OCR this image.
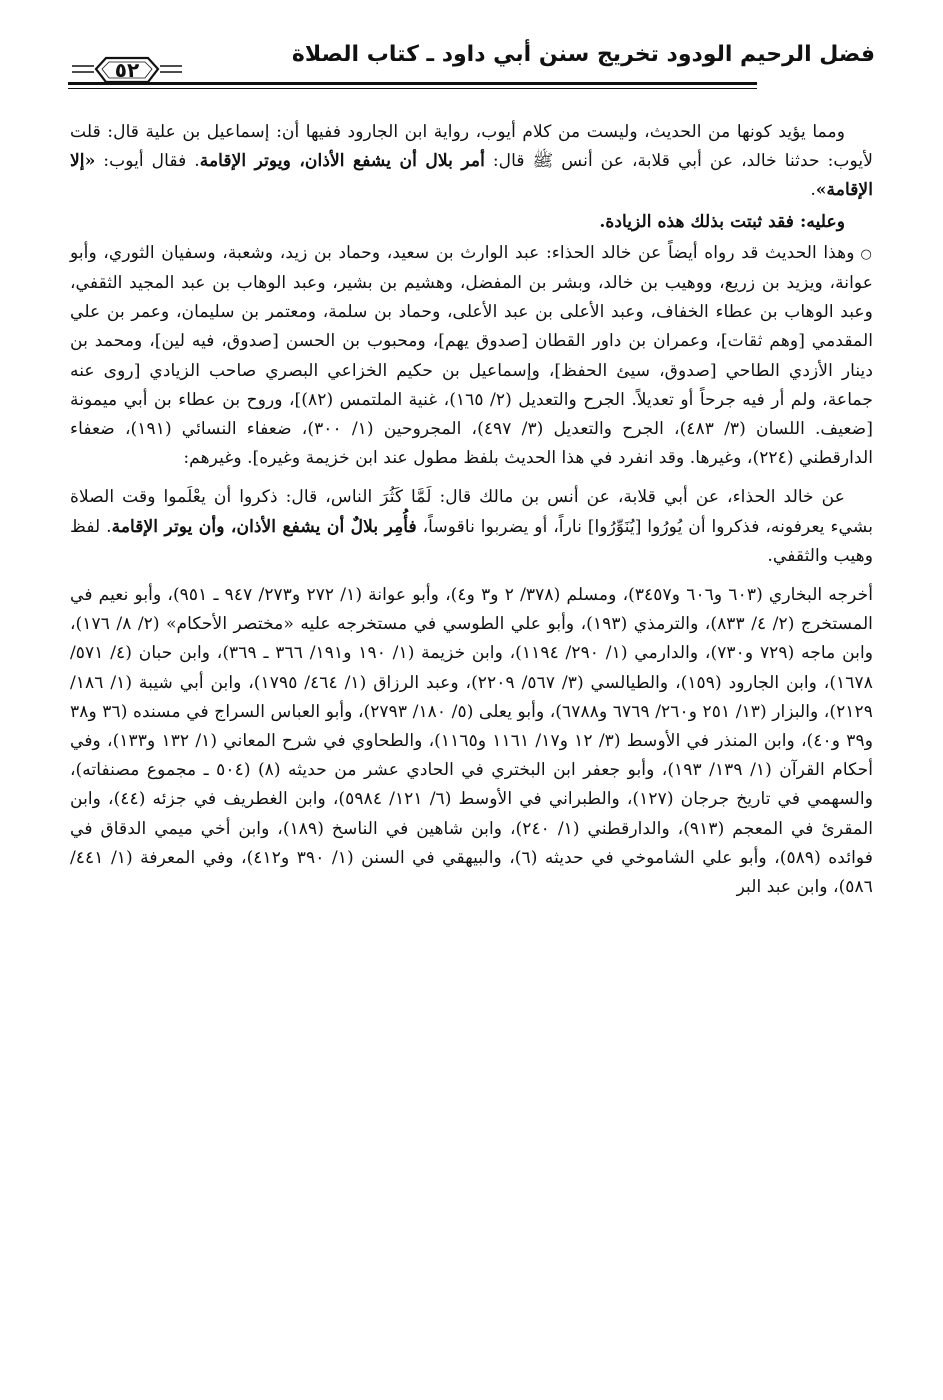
فضل الرحيم الودود تخريج سنن أبي داود ـ كتاب الصلاة
٥٢

ومما يؤيد كونها من الحديث، وليست من كلام أيوب، رواية ابن الجارود ففيها أن: إسماعيل بن علية قال: قلت لأيوب: حدثنا خالد، عن أبي قلابة، عن أنس ﷺ قال: أمر بلال أن يشفع الأذان، ويوتر الإقامة. فقال أيوب: «إلا الإقامة».

وعليه: فقد ثبتت بذلك هذه الزيادة.

○وهذا الحديث قد رواه أيضاً عن خالد الحذاء: عبد الوارث بن سعيد، وحماد بن زيد، وشعبة، وسفيان الثوري، وأبو عوانة، ويزيد بن زريع، ووهيب بن خالد، وبشر بن المفضل، وهشيم بن بشير، وعبد الوهاب بن عبد المجيد الثقفي، وعبد الوهاب بن عطاء الخفاف، وعبد الأعلى بن عبد الأعلى، وحماد بن سلمة، ومعتمر بن سليمان، وعمر بن علي المقدمي [وهم ثقات]، وعمران بن داور القطان [صدوق يهم]، ومحبوب بن الحسن [صدوق، فيه لين]، ومحمد بن دينار الأزدي الطاحي [صدوق، سيئ الحفظ]، وإسماعيل بن حكيم الخزاعي البصري صاحب الزيادي [روى عنه جماعة، ولم أر فيه جرحاً أو تعديلاً. الجرح والتعديل (٢/ ١٦٥)، غنية الملتمس (٨٢)]، وروح بن عطاء بن أبي ميمونة [ضعيف. اللسان (٣/ ٤٨٣)، الجرح والتعديل (٣/ ٤٩٧)، المجروحين (١/ ٣٠٠)، ضعفاء النسائي (١٩١)، ضعفاء الدارقطني (٢٢٤)، وغيرها. وقد انفرد في هذا الحديث بلفظ مطول عند ابن خزيمة وغيره]. وغيرهم:

عن خالد الحذاء، عن أبي قلابة، عن أنس بن مالك قال: لَمَّا كَثُرَ الناس، قال: ذكروا أن يعْلَموا وقت الصلاة بشيء يعرفونه، فذكروا أن يُورُوا [يُنَوِّرُوا] ناراً، أو يضربوا ناقوساً، فأُمِر بلالٌ أن يشفع الأذان، وأن يوتر الإقامة. لفظ وهيب والثقفي.

أخرجه البخاري (٦٠٣ و٦٠٦ و٣٤٥٧)، ومسلم (٣٧٨/ ٢ و٣ و٤)، وأبو عوانة (١/ ٢٧٢ و٢٧٣/ ٩٤٧ ـ ٩٥١)، وأبو نعيم في المستخرج (٢/ ٤/ ٨٣٣)، والترمذي (١٩٣)، وأبو علي الطوسي في مستخرجه عليه «مختصر الأحكام» (٢/ ٨/ ١٧٦)، وابن ماجه (٧٢٩ و٧٣٠)، والدارمي (١/ ٢٩٠/ ١١٩٤)، وابن خزيمة (١/ ١٩٠ و١٩١/ ٣٦٦ ـ ٣٦٩)، وابن حبان (٤/ ٥٧١/ ١٦٧٨)، وابن الجارود (١٥٩)، والطيالسي (٣/ ٥٦٧/ ٢٢٠٩)، وعبد الرزاق (١/ ٤٦٤/ ١٧٩٥)، وابن أبي شيبة (١/ ١٨٦/ ٢١٢٩)، والبزار (١٣/ ٢٥١ و٢٦٠/ ٦٧٦٩ و٦٧٨٨)، وأبو يعلى (٥/ ١٨٠/ ٢٧٩٣)، وأبو العباس السراج في مسنده (٣٦ و٣٨ و٣٩ و٤٠)، وابن المنذر في الأوسط (٣/ ١٢ و١٧/ ١١٦١ و١١٦٥)، والطحاوي في شرح المعاني (١/ ١٣٢ و١٣٣)، وفي أحكام القرآن (١/ ١٣٩/ ١٩٣)، وأبو جعفر ابن البختري في الحادي عشر من حديثه (٨) (٥٠٤ ـ مجموع مصنفاته)، والسهمي في تاريخ جرجان (١٢٧)، والطبراني في الأوسط (٦/ ١٢١/ ٥٩٨٤)، وابن الغطريف في جزئه (٤٤)، وابن المقرئ في المعجم (٩١٣)، والدارقطني (١/ ٢٤٠)، وابن شاهين في الناسخ (١٨٩)، وابن أخي ميمي الدقاق في فوائده (٥٨٩)، وأبو علي الشاموخي في حديثه (٦)، والبيهقي في السنن (١/ ٣٩٠ و٤١٢)، وفي المعرفة (١/ ٤٤١/ ٥٨٦)، وابن عبد البر
